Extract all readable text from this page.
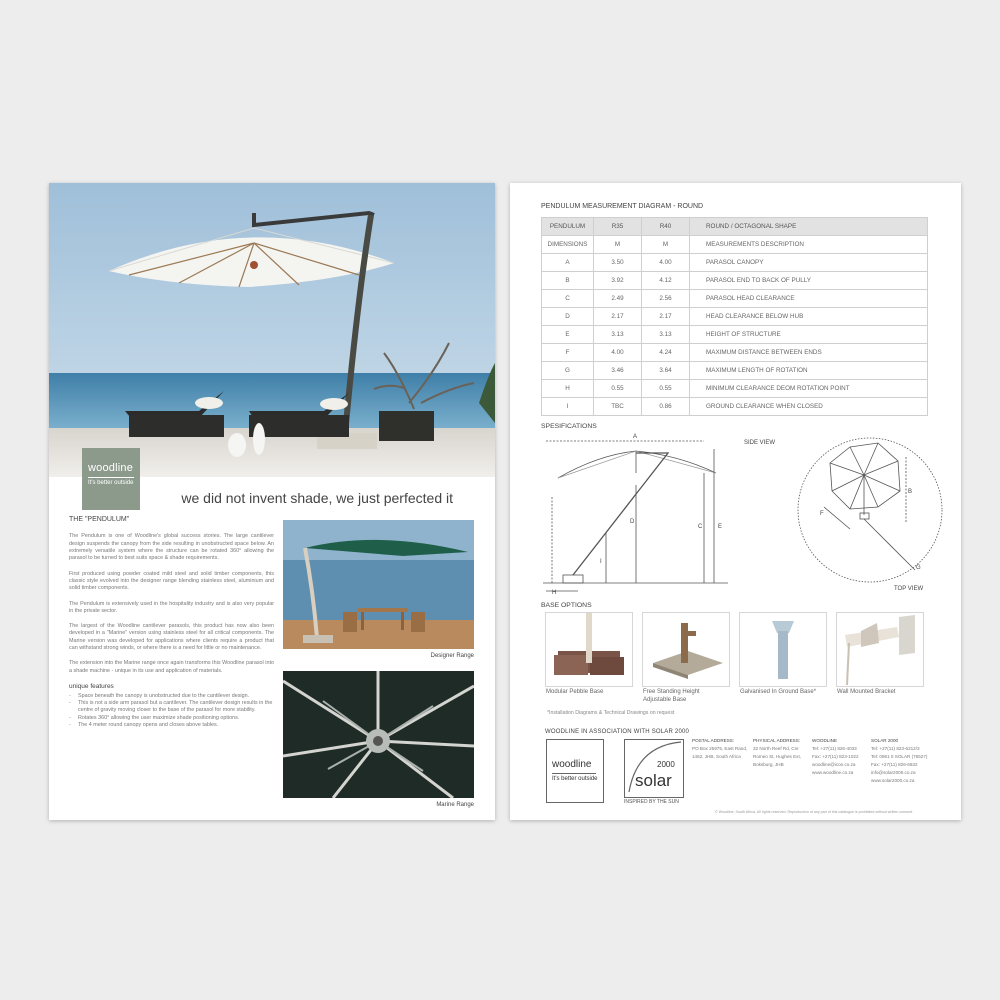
woodline
It's better outside
we did not invent shade, we just perfected it
THE "PENDULUM"

The Pendulum is one of Woodline's global success stories. The large cantilever design suspends the canopy from the side resulting in unobstructed space below. An extremely versatile system where the structure can be rotated 360° allowing the parasol to be turned to best suits space & shade requirements.

First produced using powder coated mild steel and solid timber components, this classic style evolved into the designer range blending stainless steel, aluminium and solid timber components.

The Pendulum is extensively used in the hospitality industry and is also very popular in the private sector.

The largest of the Woodline cantilever parasols, this product has now also been developed in a "Marine" version using stainless steel for all critical components. The Marine version was developed for applications where clients require a product that can withstand strong winds, or where there is a need for little or no maintenance.

The extension into the Marine range once again transforms this Woodline parasol into a shade machine - unique in its use and application of materials.

unique features
- Space beneath the canopy is unobstructed due to the cantilever design.
- This is not a side arm parasol but a cantilever. The cantilever design results in the centre of gravity moving closer to the base of the parasol for more stability.
- Rotates 360° allowing the user maximize shade positioning options.
- The 4 meter round canopy opens and closes above tables.
Designer Range
Marine Range
PENDULUM MEASUREMENT DIAGRAM - ROUND
PENDULUM	R35	R40	ROUND / OCTAGONAL SHAPE
DIMENSIONS	M	M	MEASUREMENTS DESCRIPTION
A	3.50	4.00	PARASOL CANOPY
B	3.92	4.12	PARASOL END TO BACK OF PULLY
C	2.49	2.56	PARASOL HEAD CLEARANCE
D	2.17	2.17	HEAD CLEARANCE BELOW HUB
E	3.13	3.13	HEIGHT OF STRUCTURE
F	4.00	4.24	MAXIMUM DISTANCE BETWEEN ENDS
G	3.46	3.64	MAXIMUM LENGTH OF ROTATION
H	0.55	0.55	MINIMUM CLEARANCE DEOM ROTATION POINT
I	TBC	0.86	GROUND CLEARANCE WHEN CLOSED
SPESIFICATIONS
SIDE VIEW
A
C
D
E
I
H
B
F
G
TOP VIEW
BASE OPTIONS
Modular Pebble Base	Free Standing Height
Adjustable Base
Galvanised In Ground Base*	Wall Mounted Bracket
*Installation Diagrams & Technical Drawings on request
WOODLINE IN ASSOCIATION WITH SOLAR 2000
woodline
It's better outside
2000
solar
INSPIRED BY THE SUN
POSTAL ADDRESS:
PO Box 25975, East Rand,
1462, JHB, South Africa
PHYSICAL ADDRESS:
32 North Reef Rd, Cnr
Romeo St, Hughes Ext,
Boksburg, JHB
WOODLINE
Tel: +27(11) 826-4033
Fax: +27(11) 823-1022
woodline@icon.co.za
www.woodline.co.za
SOLAR 2000
Tel: +27(11) 823-6212/3
Tel: 0861 0 SOLAR (76527)
Fax: +27(11) 826-6932
info@solar2000.co.za
www.solar2000.co.za
© Woodline, South Africa. All rights reserved. Reproduction of any part of this catalogue is prohibited without written consent.
